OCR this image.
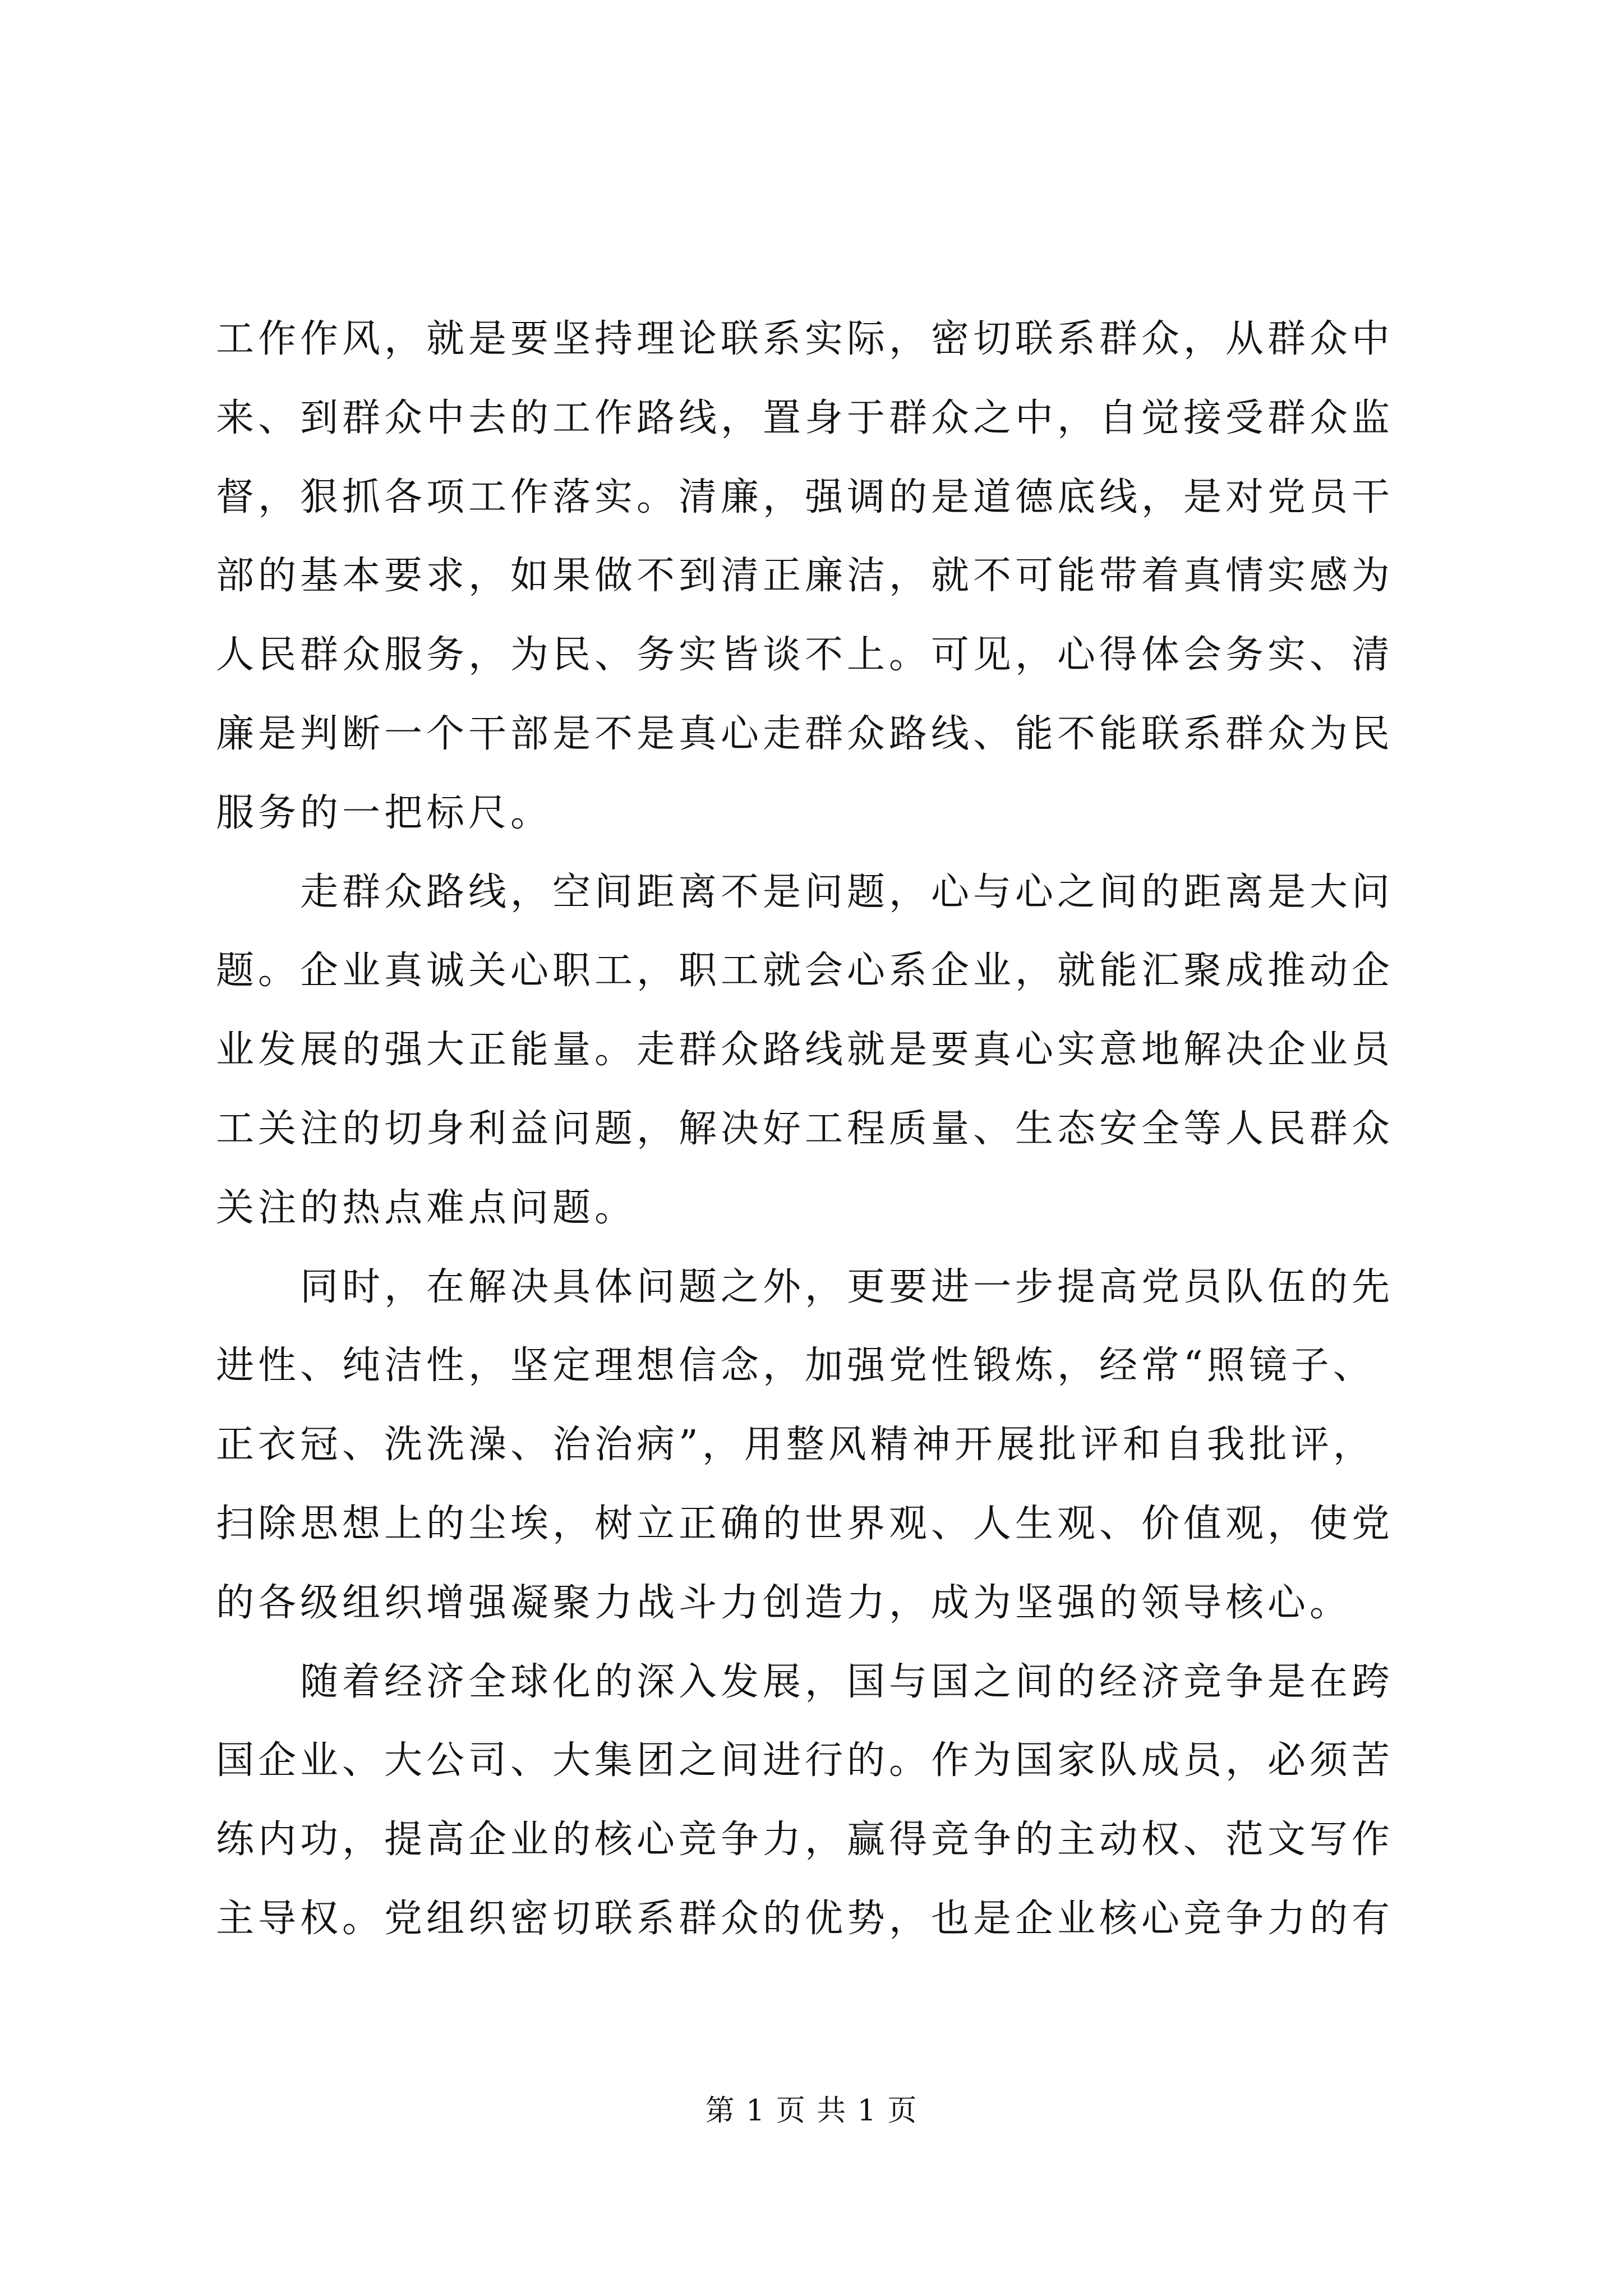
工作作风，就是要坚持理论联系实际，密切联系群众，从群众中
来、到群众中去的工作路线，置身于群众之中，自觉接受群众监
督，狠抓各项工作落实。清廉，强调的是道德底线，是对党员干
部的基本要求，如果做不到清正廉洁，就不可能带着真情实感为
人民群众服务，为民、务实皆谈不上。可见，心得体会务实、清
廉是判断一个干部是不是真心走群众路线、能不能联系群众为民
服务的一把标尺。
走群众路线，空间距离不是问题，心与心之间的距离是大问
题。企业真诚关心职工，职工就会心系企业，就能汇聚成推动企
业发展的强大正能量。走群众路线就是要真心实意地解决企业员
工关注的切身利益问题，解决好工程质量、生态安全等人民群众
关注的热点难点问题。
同时，在解决具体问题之外，更要进一步提高党员队伍的先
进性、纯洁性，坚定理想信念，加强党性锻炼，经常“照镜子、
正衣冠、洗洗澡、治治病”，用整风精神开展批评和自我批评，
扫除思想上的尘埃，树立正确的世界观、人生观、价值观，使党
的各级组织增强凝聚力战斗力创造力，成为坚强的领导核心。
随着经济全球化的深入发展，国与国之间的经济竞争是在跨
国企业、大公司、大集团之间进行的。作为国家队成员，必须苦
练内功，提高企业的核心竞争力，赢得竞争的主动权、范文写作
主导权。党组织密切联系群众的优势，也是企业核心竞争力的有
第 1 页 共 1 页
